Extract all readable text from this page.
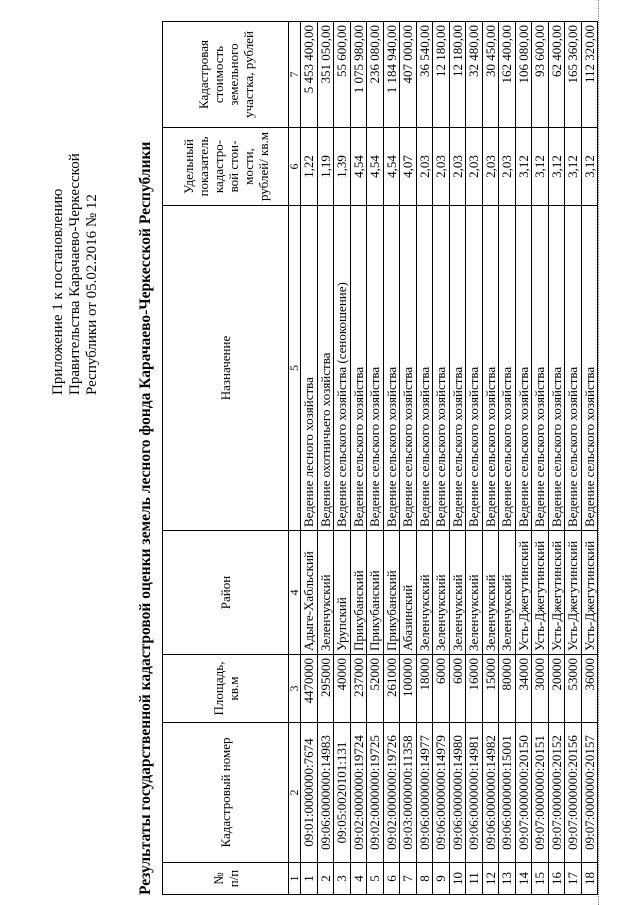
Приложение 1 к постановлению Правительства Карачаево-Черкесской Республики от 05.02.2016 № 12 Результаты государственной кадастровой оценки земель лесного фонда Карачаево-Черкесской Республики	№ п/п	Кадастровый номер	Площадь, кв.м	Район	Назначение	Удельный показатель кадастро-вой стои-мости, рублей/ кв.м	Кадастровая стоимость земельного участка, рублей
1	2	3	4	5	6	7
1	09:01:0000000:7674	4470000	Адыге-Хабльский	Ведение лесного хозяйства	1,22	5 453 400,00
2	09:06:0000000:14983	295000	Зеленчукский	Ведение охотничьего хозяйства	1,19	351 050,00
3	09:05:0020101:131	40000	Урупский	Ведение сельского хозяйства (сенокошение)	1,39	55 600,00
4	09:02:0000000:19724	237000	Прикубанский	Ведение сельского хозяйства	4,54	1 075 980,00
5	09:02:0000000:19725	52000	Прикубанский	Ведение сельского хозяйства	4,54	236 080,00
6	09:02:0000000:19726	261000	Прикубанский	Ведение сельского хозяйства	4,54	1 184 940,00
7	09:03:0000000:11358	100000	Абазинский	Ведение сельского хозяйства	4,07	407 000,00
8	09:06:0000000:14977	18000	Зеленчукский	Ведение сельского хозяйства	2,03	36 540,00
9	09:06:0000000:14979	6000	Зеленчукский	Ведение сельского хозяйства	2,03	12 180,00
10	09:06:0000000:14980	6000	Зеленчукский	Ведение сельского хозяйства	2,03	12 180,00
11	09:06:0000000:14981	16000	Зеленчукский	Ведение сельского хозяйства	2,03	32 480,00
12	09:06:0000000:14982	15000	Зеленчукский	Ведение сельского хозяйства	2,03	30 450,00
13	09:06:0000000:15001	80000	Зеленчукский	Ведение сельского хозяйства	2,03	162 400,00
14	09:07:0000000:20150	34000	Усть-Джегутинский	Ведение сельского хозяйства	3,12	106 080,00
15	09:07:0000000:20151	30000	Усть-Джегутинский	Ведение сельского хозяйства	3,12	93 600,00
16	09:07:0000000:20152	20000	Усть-Джегутинский	Ведение сельского хозяйства	3,12	62 400,00
17	09:07:0000000:20156	53000	Усть-Джегутинский	Ведение сельского хозяйства	3,12	165 360,00
18	09:07:0000000:20157	36000	Усть-Джегутинский	Ведение сельского хозяйства	3,12	112 320,00
